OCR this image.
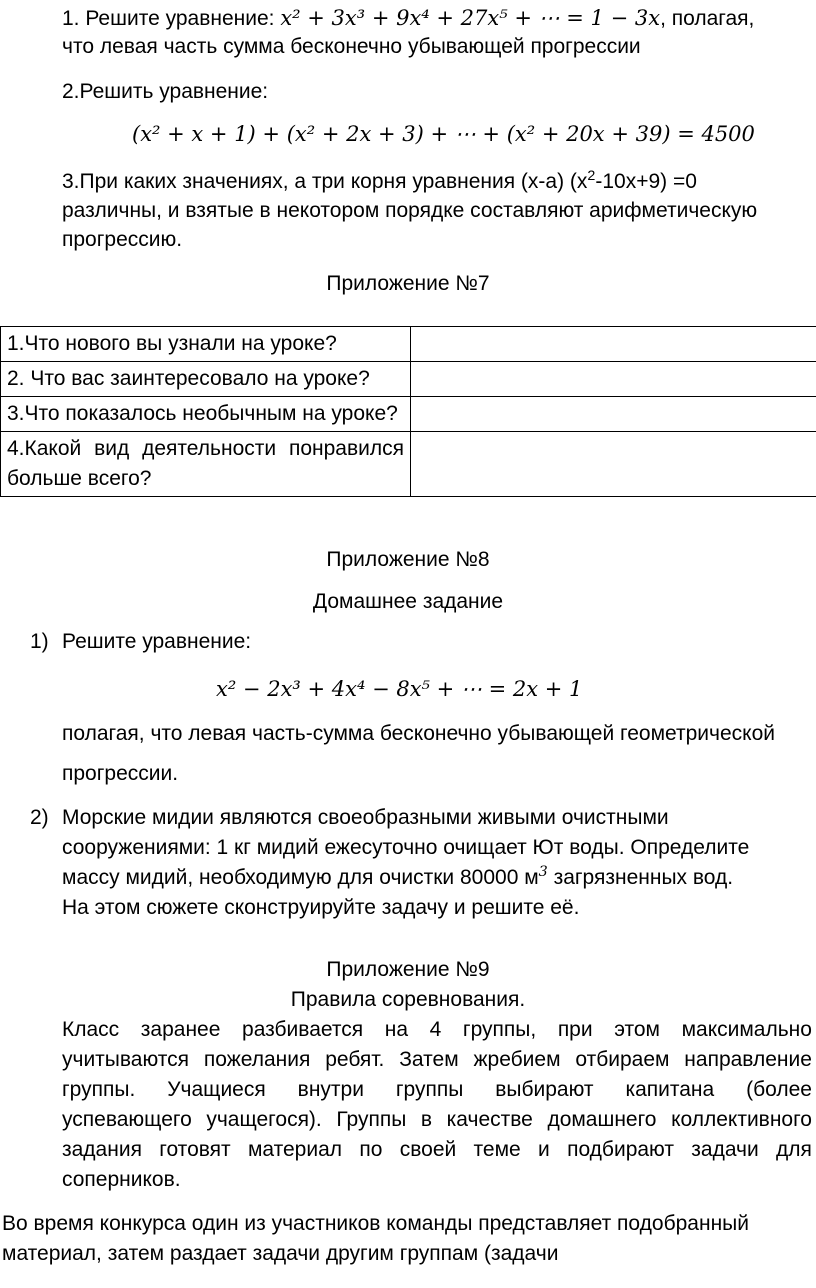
1. Решите уравнение: x² + 3x³ + 9x⁴ + 27x⁵ + ⋯ = 1 − 3x, полагая,
что левая часть сумма бесконечно убывающей прогрессии
2.Решить уравнение:
(x² + x + 1) + (x² + 2x + 3) + ⋯ + (x² + 20x + 39) = 4500
3.При каких значениях, а три корня уравнения (x-a) $(x^2-10x+9) =0$
различны, и взятые в некотором порядке составляют арифметическую
прогрессию.
Приложение №7
1.Что нового вы узнали на уроке?	
2. Что вас заинтересовало на уроке?	
3.Что показалось необычным на уроке?	
4.Какой вид деятельности понравился больше всего?	
Приложение №8
Домашнее задание
1) Решите уравнение:
x² − 2x³ + 4x⁴ − 8x⁵ + ⋯ = 2x + 1
полагая, что левая часть-сумма бесконечно убывающей геометрической
прогрессии.
2) Морские мидии являются своеобразными живыми очистными
сооружениями: 1 кг мидий ежесуточно очищает Ют воды. Определите
массу мидий, необходимую для очистки 80000 $м^3$ загрязненных вод.
На этом сюжете сконструируйте задачу и решите её.
Приложение №9
Правила соревнования.
Класс заранее разбивается на 4 группы, при этом максимально
учитываются пожелания ребят. Затем жребием отбираем направление
группы. Учащиеся внутри группы выбирают капитана (более
успевающего учащегося). Группы в качестве домашнего коллективного
задания готовят материал по своей теме и подбирают задачи для
соперников.
Во время конкурса один из участников команды представляет подобранный
материал, затем раздает задачи другим группам (задачи
